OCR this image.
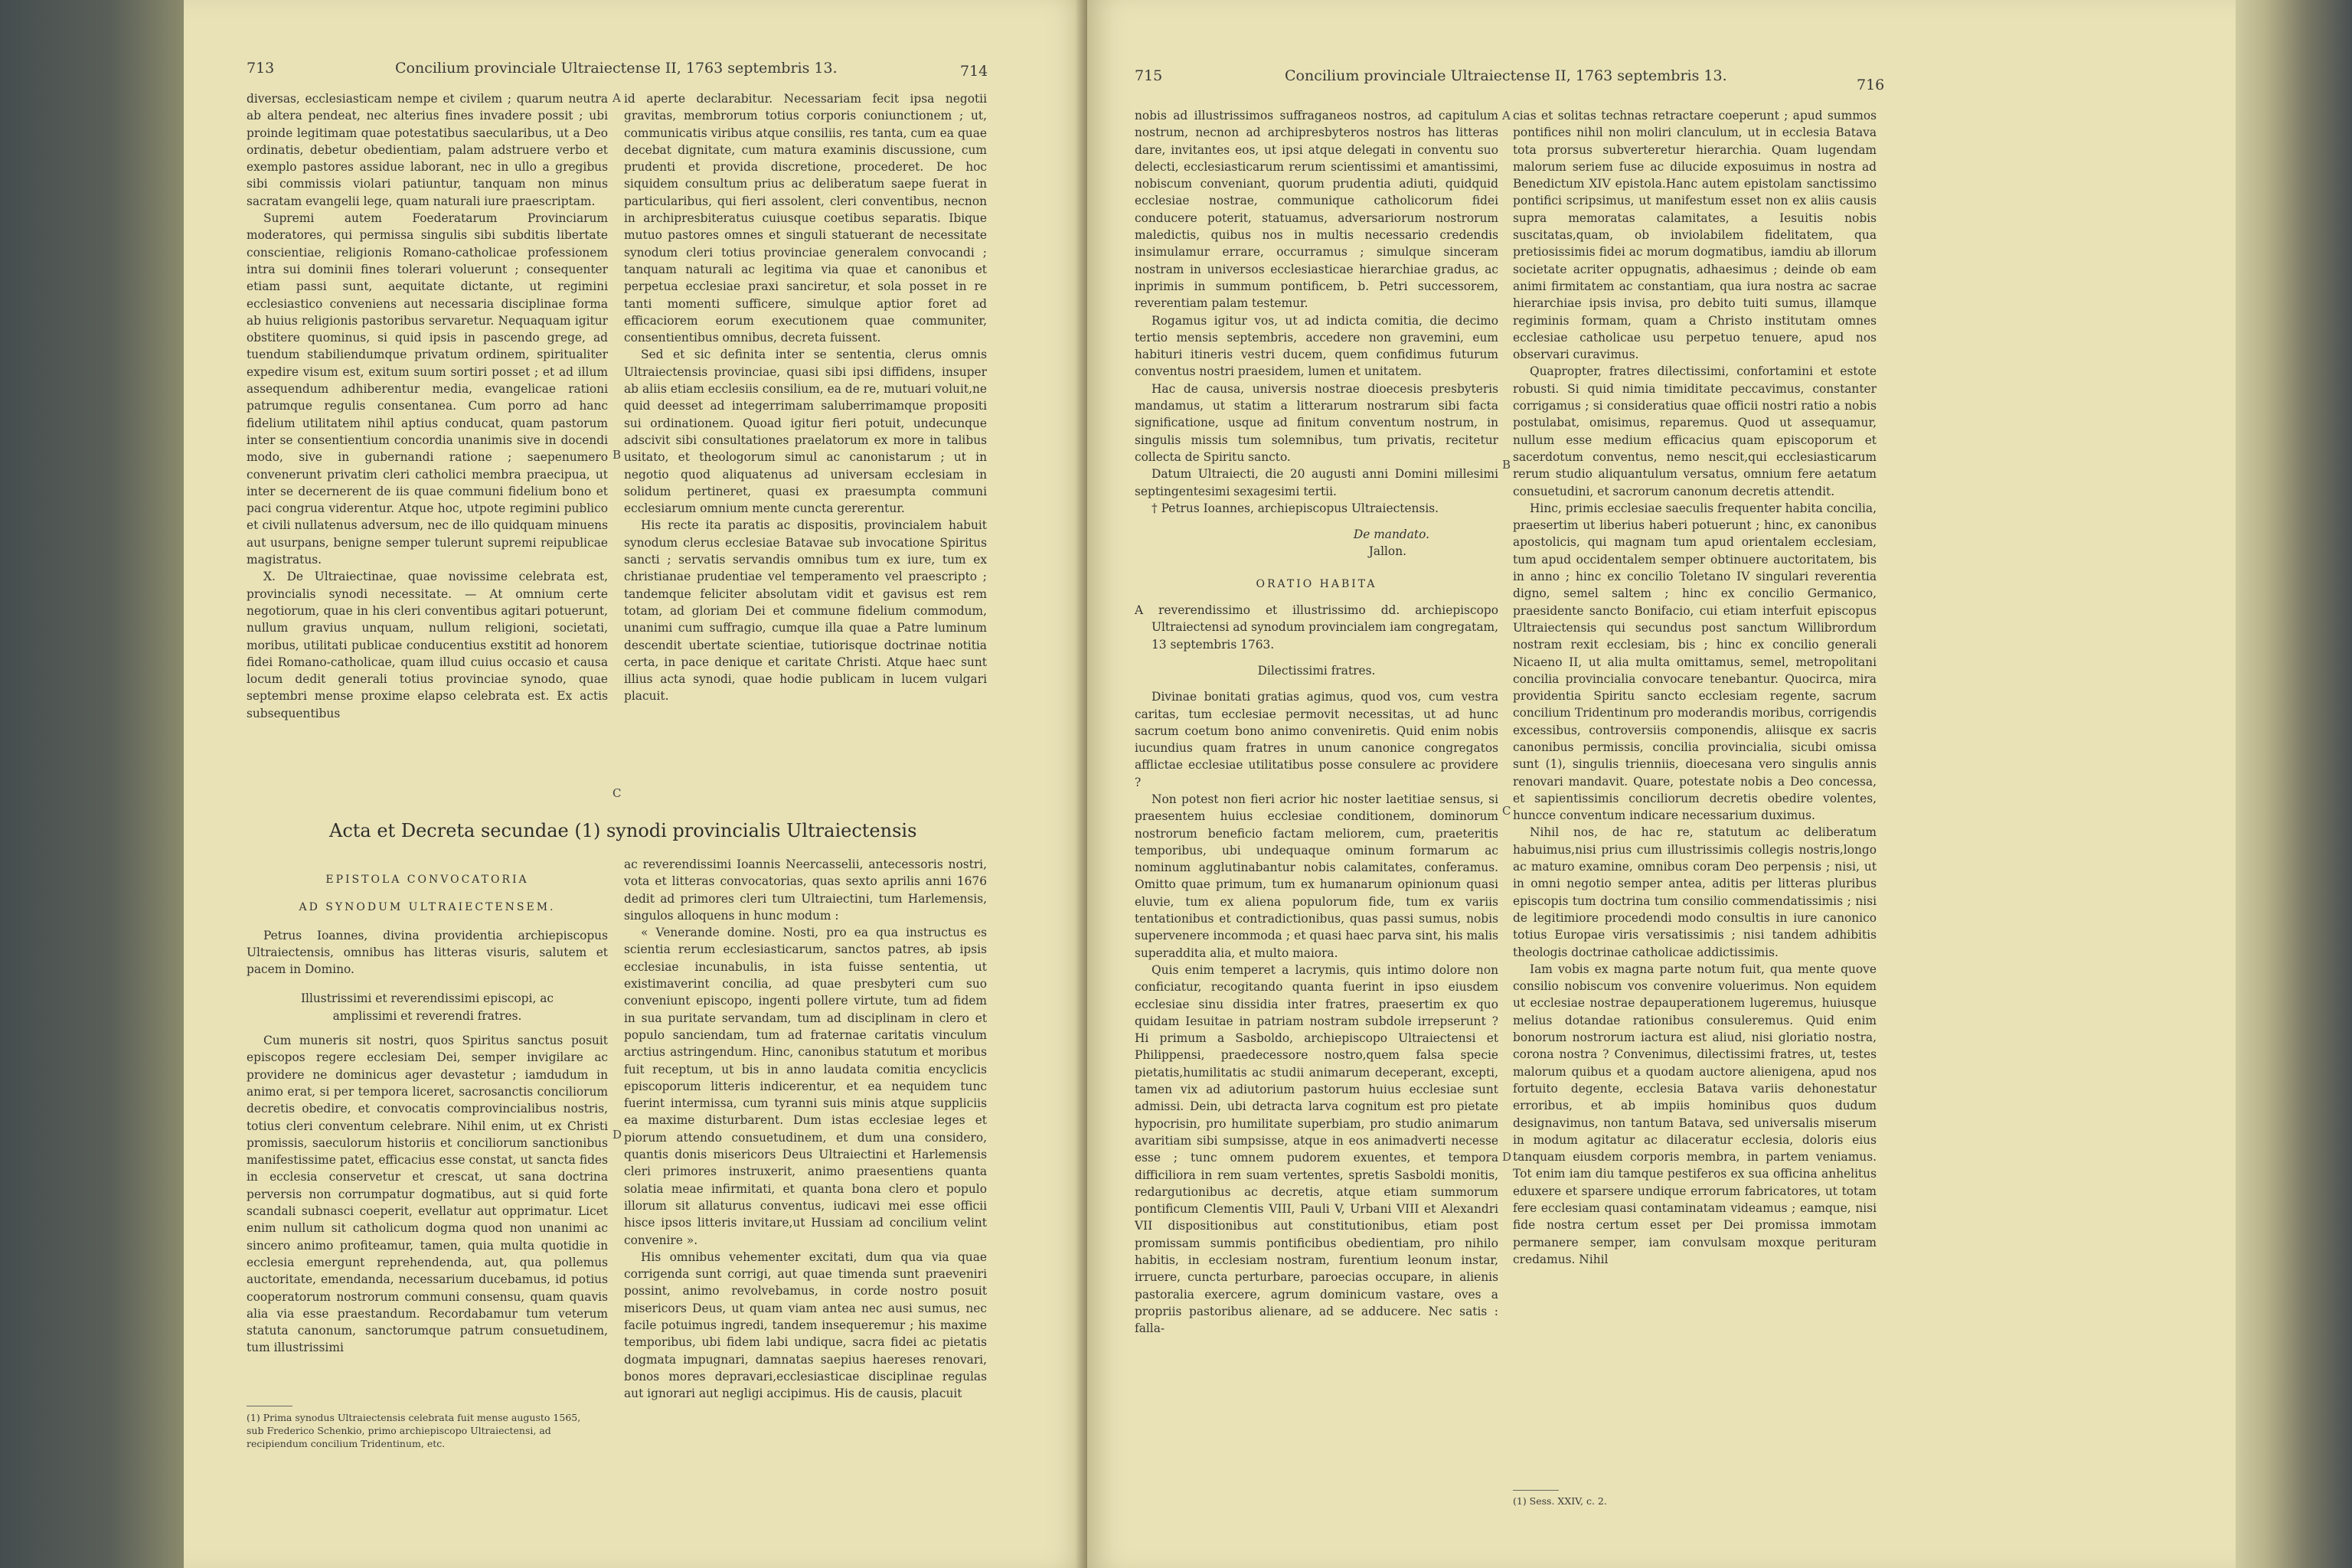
713	Concilium provinciale Ultraiectense II, 1763 septembris 13.	714

diversas, ecclesiasticam nempe et civilem ; quarum neutra ab altera pendeat, nec alterius fines invadere possit ; ubi proinde legitimam quae potestatibus saecularibus, ut a Deo ordinatis, debetur obedientiam, palam adstruere verbo et exemplo pastores assidue laborant, nec in ullo a gregibus sibi commissis violari patiuntur, tanquam non minus sacratam evangelii lege, quam naturali iure praescriptam.

Supremi autem Foederatarum Provinciarum moderatores, qui permissa singulis sibi subditis libertate conscientiae, religionis Romano-catholicae professionem intra sui dominii fines tolerari voluerunt ; consequenter etiam passi sunt, aequitate dictante, ut regimini ecclesiastico conveniens aut necessaria disciplinae forma ab huius religionis pastoribus servaretur. Nequaquam igitur obstitere quominus, si quid ipsis in pascendo grege, ad tuendum stabiliendumque privatum ordinem, spiritualiter expedire visum est, exitum suum sortiri posset ; et ad illum assequendum adhiberentur media, evangelicae rationi patrumque regulis consentanea. Cum porro ad hanc fidelium utilitatem nihil aptius conducat, quam pastorum inter se consentientium concordia unanimis sive in docendi modo, sive in gubernandi ratione ; saepenumero convenerunt privatim cleri catholici membra praecipua, ut inter se decernerent de iis quae communi fidelium bono et paci congrua viderentur. Atque hoc, utpote regimini publico et civili nullatenus adversum, nec de illo quidquam minuens aut usurpans, benigne semper tulerunt supremi reipublicae magistratus.

X. De Ultraiectinae, quae novissime celebrata est, provincialis synodi necessitate. — At omnium certe negotiorum, quae in his cleri conventibus agitari potuerunt, nullum gravius unquam, nullum religioni, societati, moribus, utilitati publicae conducentius exstitit ad honorem fidei Romano-catholicae, quam illud cuius occasio et causa locum dedit generali totius provinciae synodo, quae septembri mense proxime elapso celebrata est. Ex actis subsequentibus

A
B
C

id aperte declarabitur. Necessariam fecit ipsa negotii gravitas, membrorum totius corporis coniunctionem ; ut, communicatis viribus atque consiliis, res tanta, cum ea quae decebat dignitate, cum matura examinis discussione, cum prudenti et provida discretione, procederet. De hoc siquidem consultum prius ac deliberatum saepe fuerat in particularibus, qui fieri assolent, cleri conventibus, necnon in archipresbiteratus cuiusque coetibus separatis. Ibique mutuo pastores omnes et singuli statuerant de necessitate synodum cleri totius provinciae generalem convocandi ; tanquam naturali ac legitima via quae et canonibus et perpetua ecclesiae praxi sanciretur, et sola posset in re tanti momenti sufficere, simulque aptior foret ad efficaciorem eorum executionem quae communiter, consentientibus omnibus, decreta fuissent.

Sed et sic definita inter se sententia, clerus omnis Ultraiectensis provinciae, quasi sibi ipsi diffidens, insuper ab aliis etiam ecclesiis consilium, ea de re, mutuari voluit,ne quid deesset ad integerrimam saluberrimamque propositi sui ordinationem. Quoad igitur fieri potuit, undecunque adscivit sibi consultationes praelatorum ex more in talibus usitato, et theologorum simul ac canonistarum ; ut in negotio quod aliquatenus ad universam ecclesiam in solidum pertineret, quasi ex praesumpta communi ecclesiarum omnium mente cuncta gererentur.

His recte ita paratis ac dispositis, provincialem habuit synodum clerus ecclesiae Batavae sub invocatione Spiritus sancti ; servatis servandis omnibus tum ex iure, tum ex christianae prudentiae vel temperamento vel praescripto ; tandemque feliciter absolutam vidit et gavisus est rem totam, ad gloriam Dei et commune fidelium commodum, unanimi cum suffragio, cumque illa quae a Patre luminum descendit ubertate scientiae, tutiorisque doctrinae notitia certa, in pace denique et caritate Christi. Atque haec sunt illius acta synodi, quae hodie publicam in lucem vulgari placuit.

Acta et Decreta secundae (1) synodi provincialis Ultraiectensis

EPISTOLA CONVOCATORIA

AD SYNODUM ULTRAIECTENSEM.

Petrus Ioannes, divina providentia archiepiscopus Ultraiectensis, omnibus has litteras visuris, salutem et pacem in Domino.

Illustrissimi et reverendissimi episcopi, ac amplissimi et reverendi fratres.

Cum muneris sit nostri, quos Spiritus sanctus posuit episcopos regere ecclesiam Dei, semper invigilare ac providere ne dominicus ager devastetur ; iamdudum in animo erat, si per tempora liceret, sacrosanctis conciliorum decretis obedire, et convocatis comprovincialibus nostris, totius cleri conventum celebrare. Nihil enim, ut ex Christi promissis, saeculorum historiis et conciliorum sanctionibus manifestissime patet, efficacius esse constat, ut sancta fides in ecclesia conservetur et crescat, ut sana doctrina perversis non corrumpatur dogmatibus, aut si quid forte scandali subnasci coeperit, evellatur aut opprimatur. Licet enim nullum sit catholicum dogma quod non unanimi ac sincero animo profiteamur, tamen, quia multa quotidie in ecclesia emergunt reprehendenda, aut, qua pollemus auctoritate, emendanda, necessarium ducebamus, id potius cooperatorum nostrorum communi consensu, quam quavis alia via esse praestandum. Recordabamur tum veterum statuta canonum, sanctorumque patrum consuetudinem, tum illustrissimi

D

ac reverendissimi Ioannis Neercasselii, antecessoris nostri, vota et litteras convocatorias, quas sexto aprilis anni 1676 dedit ad primores cleri tum Ultraiectini, tum Harlemensis, singulos alloquens in hunc modum :

« Venerande domine. Nosti, pro ea qua instructus es scientia rerum ecclesiasticarum, sanctos patres, ab ipsis ecclesiae incunabulis, in ista fuisse sententia, ut existimaverint concilia, ad quae presbyteri cum suo conveniunt episcopo, ingenti pollere virtute, tum ad fidem in sua puritate servandam, tum ad disciplinam in clero et populo sanciendam, tum ad fraternae caritatis vinculum arctius astringendum. Hinc, canonibus statutum et moribus fuit receptum, ut bis in anno laudata comitia encyclicis episcoporum litteris indicerentur, et ea nequidem tunc fuerint intermissa, cum tyranni suis minis atque suppliciis ea maxime disturbarent. Dum istas ecclesiae leges et piorum attendo consuetudinem, et dum una considero, quantis donis misericors Deus Ultraiectini et Harlemensis cleri primores instruxerit, animo praesentiens quanta solatia meae infirmitati, et quanta bona clero et populo illorum sit allaturus conventus, iudicavi mei esse officii hisce ipsos litteris invitare,ut Hussiam ad concilium velint convenire ».

His omnibus vehementer excitati, dum qua via quae corrigenda sunt corrigi, aut quae timenda sunt praeveniri possint, animo revolvebamus, in corde nostro posuit misericors Deus, ut quam viam antea nec ausi sumus, nec facile potuimus ingredi, tandem insequeremur ; his maxime temporibus, ubi fidem labi undique, sacra fidei ac pietatis dogmata impugnari, damnatas saepius haereses renovari, bonos mores depravari,ecclesiasticae disciplinae regulas aut ignorari aut negligi accipimus. His de causis, placuit

(1) Prima synodus Ultraiectensis celebrata fuit mense augusto 1565, sub Frederico Schenkio, primo archiepiscopo Ultraiectensi, ad recipiendum concilium Tridentinum, etc.
715	Concilium provinciale Ultraiectense II, 1763 septembris 13.
716

nobis ad illustrissimos suffraganeos nostros, ad capitulum nostrum, necnon ad archipresbyteros nostros has litteras dare, invitantes eos, ut ipsi atque delegati in conventu suo delecti, ecclesiasticarum rerum scientissimi et amantissimi, nobiscum conveniant, quorum prudentia adiuti, quidquid ecclesiae nostrae, communique catholicorum fidei conducere poterit, statuamus, adversariorum nostrorum maledictis, quibus nos in multis necessario credendis insimulamur errare, occurramus ; simulque sinceram nostram in universos ecclesiasticae hierarchiae gradus, ac inprimis in summum pontificem, b. Petri successorem, reverentiam palam testemur.

Rogamus igitur vos, ut ad indicta comitia, die decimo tertio mensis septembris, accedere non gravemini, eum habituri itineris vestri ducem, quem confidimus futurum conventus nostri praesidem, lumen et unitatem.

Hac de causa, universis nostrae dioecesis presbyteris mandamus, ut statim a litterarum nostrarum sibi facta significatione, usque ad finitum conventum nostrum, in singulis missis tum solemnibus, tum privatis, recitetur collecta de Spiritu sancto.

Datum Ultraiecti, die 20 augusti anni Domini millesimi septingentesimi sexagesimi tertii.

† Petrus Ioannes, archiepiscopus Ultraiectensis.

De mandato.

Jallon.

ORATIO HABITA

A reverendissimo et illustrissimo dd. archiepiscopo Ultraiectensi ad synodum provincialem iam congregatam, 13 septembris 1763.

Dilectissimi fratres.

Divinae bonitati gratias agimus, quod vos, cum vestra caritas, tum ecclesiae permovit necessitas, ut ad hunc sacrum coetum bono animo conveniretis. Quid enim nobis iucundius quam fratres in unum canonice congregatos afflictae ecclesiae utilitatibus posse consulere ac providere ?

Non potest non fieri acrior hic noster laetitiae sensus, si praesentem huius ecclesiae conditionem, dominorum nostrorum beneficio factam meliorem, cum, praeteritis temporibus, ubi undequaque ominum formarum ac nominum agglutinabantur nobis calamitates, conferamus. Omitto quae primum, tum ex humanarum opinionum quasi eluvie, tum ex aliena populorum fide, tum ex variis tentationibus et contradictionibus, quas passi sumus, nobis supervenere incommoda ; et quasi haec parva sint, his malis superaddita alia, et multo maiora.

Quis enim temperet a lacrymis, quis intimo dolore non conficiatur, recogitando quanta fuerint in ipso eiusdem ecclesiae sinu dissidia inter fratres, praesertim ex quo quidam Iesuitae in patriam nostram subdole irrepserunt ? Hi primum a Sasboldo, archiepiscopo Ultraiectensi et Philippensi, praedecessore nostro,quem falsa specie pietatis,humilitatis ac studii animarum deceperant, excepti, tamen vix ad adiutorium pastorum huius ecclesiae sunt admissi. Dein, ubi detracta larva cognitum est pro pietate hypocrisin, pro humilitate superbiam, pro studio animarum avaritiam sibi sumpsisse, atque in eos animadverti necesse esse ; tunc omnem pudorem exuentes, et tempora difficiliora in rem suam vertentes, spretis Sasboldi monitis, redargutionibus ac decretis, atque etiam summorum pontificum Clementis VIII, Pauli V, Urbani VIII et Alexandri VII dispositionibus aut constitutionibus, etiam post promissam summis pontificibus obedientiam, pro nihilo habitis, in ecclesiam nostram, furentium leonum instar, irruere, cuncta perturbare, paroecias occupare, in alienis pastoralia exercere, agrum dominicum vastare, oves a propriis pastoribus alienare, ad se adducere. Nec satis : falla-

A
B
C
D

cias et solitas technas retractare coeperunt ; apud summos pontifices nihil non moliri clanculum, ut in ecclesia Batava tota prorsus subverteretur hierarchia. Quam lugendam malorum seriem fuse ac dilucide exposuimus in nostra ad Benedictum XIV epistola.Hanc autem epistolam sanctissimo pontifici scripsimus, ut manifestum esset non ex aliis causis supra memoratas calamitates, a Iesuitis nobis suscitatas,quam, ob inviolabilem fidelitatem, qua pretiosissimis fidei ac morum dogmatibus, iamdiu ab illorum societate acriter oppugnatis, adhaesimus ; deinde ob eam animi firmitatem ac constantiam, qua iura nostra ac sacrae hierarchiae ipsis invisa, pro debito tuiti sumus, illamque regiminis formam, quam a Christo institutam omnes ecclesiae catholicae usu perpetuo tenuere, apud nos observari curavimus.

Quapropter, fratres dilectissimi, confortamini et estote robusti. Si quid nimia timiditate peccavimus, constanter corrigamus ; si consideratius quae officii nostri ratio a nobis postulabat, omisimus, reparemus. Quod ut assequamur, nullum esse medium efficacius quam episcoporum et sacerdotum conventus, nemo nescit,qui ecclesiasticarum rerum studio aliquantulum versatus, omnium fere aetatum consuetudini, et sacrorum canonum decretis attendit.

Hinc, primis ecclesiae saeculis frequenter habita concilia, praesertim ut liberius haberi potuerunt ; hinc, ex canonibus apostolicis, qui magnam tum apud orientalem ecclesiam, tum apud occidentalem semper obtinuere auctoritatem, bis in anno ; hinc ex concilio Toletano IV singulari reverentia digno, semel saltem ; hinc ex concilio Germanico, praesidente sancto Bonifacio, cui etiam interfuit episcopus Ultraiectensis qui secundus post sanctum Willibrordum nostram rexit ecclesiam, bis ; hinc ex concilio generali Nicaeno II, ut alia multa omittamus, semel, metropolitani concilia provincialia convocare tenebantur. Quocirca, mira providentia Spiritu sancto ecclesiam regente, sacrum concilium Tridentinum pro moderandis moribus, corrigendis excessibus, controversiis componendis, aliisque ex sacris canonibus permissis, concilia provincialia, sicubi omissa sunt (1), singulis trienniis, dioecesana vero singulis annis renovari mandavit. Quare, potestate nobis a Deo concessa, et sapientissimis conciliorum decretis obedire volentes, huncce conventum indicare necessarium duximus.

Nihil nos, de hac re, statutum ac deliberatum habuimus,nisi prius cum illustrissimis collegis nostris,longo ac maturo examine, omnibus coram Deo perpensis ; nisi, ut in omni negotio semper antea, aditis per litteras pluribus episcopis tum doctrina tum consilio commendatissimis ; nisi de legitimiore procedendi modo consultis in iure canonico totius Europae viris versatissimis ; nisi tandem adhibitis theologis doctrinae catholicae addictissimis.

Iam vobis ex magna parte notum fuit, qua mente quove consilio nobiscum vos convenire voluerimus. Non equidem ut ecclesiae nostrae depauperationem lugeremus, huiusque melius dotandae rationibus consuleremus. Quid enim bonorum nostrorum iactura est aliud, nisi gloriatio nostra, corona nostra ? Convenimus, dilectissimi fratres, ut, testes malorum quibus et a quodam auctore alienigena, apud nos fortuito degente, ecclesia Batava variis dehonestatur erroribus, et ab impiis hominibus quos dudum designavimus, non tantum Batava, sed universalis miserum in modum agitatur ac dilaceratur ecclesia, doloris eius tanquam eiusdem corporis membra, in partem veniamus. Tot enim iam diu tamque pestiferos ex sua officina anhelitus eduxere et sparsere undique errorum fabricatores, ut totam fere ecclesiam quasi contaminatam videamus ; eamque, nisi fide nostra certum esset per Dei promissa immotam permanere semper, iam convulsam moxque perituram credamus. Nihil

(1) Sess. XXIV, c. 2.
